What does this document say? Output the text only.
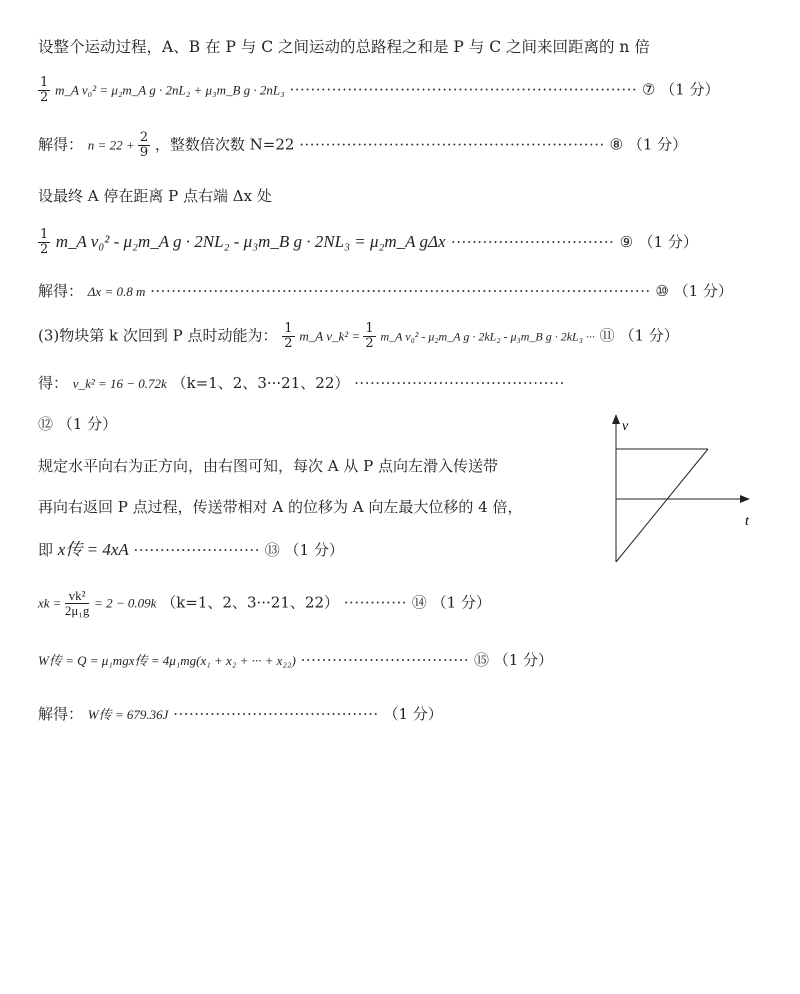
设整个运动过程，A、B 在 P 与 C 之间运动的总路程之和是 P 与 C 之间来回距离的 n 倍
$\frac{1}{2}$ m_A v₀² = μ₂m_A g · 2nL₂ + μ₃m_B g · 2nL₃ ·································································· ⑦ （1 分）
解得： $n = 22 + \frac{2}{9}$ ，整数倍次数 N=22 ·························································· ⑧ （1 分）
设最终 A 停在距离 P 点右端 Δx 处
$\frac{1}{2}$ m_A v₀² - μ₂m_A g · 2NL₂ - μ₃m_B g · 2NL₃ = μ₂m_A gΔx ······························· ⑨ （1 分）
解得： Δx = 0.8 m ······························································································· ⑩ （1 分）
(3)物块第 k 次回到 P 点时动能为： $\frac{1}{2}$ m_A v_k² = $\frac{1}{2}$ m_A v₀² - μ₂m_A g · 2kL₂ - μ₃m_B g · 2kL₃ ··· ⑪ （1 分）
得： v_k² = 16 − 0.72k （k=1、2、3···21、22） ········································
⑫ （1 分）
规定水平向右为正方向，由右图可知，每次 A 从 P 点向左滑入传送带
再向右返回 P 点过程，传送带相对 A 的位移为 A 向左最大位移的 4 倍，
即 x传 = 4xA ························ ⑬ （1 分）
xk = $\frac{\text{vk²}}{\text{2μ₁g}} = 2 - 0.09k$ （k=1、2、3···21、22） ············ ⑭ （1 分）
W传 = Q = μ₁mgx传 = 4μ₁mg(x₁ + x₂ + ··· + x₂₂) ································ ⑮ （1 分）
解得： W传 = 679.36J ······································· （1 分）
v
t
